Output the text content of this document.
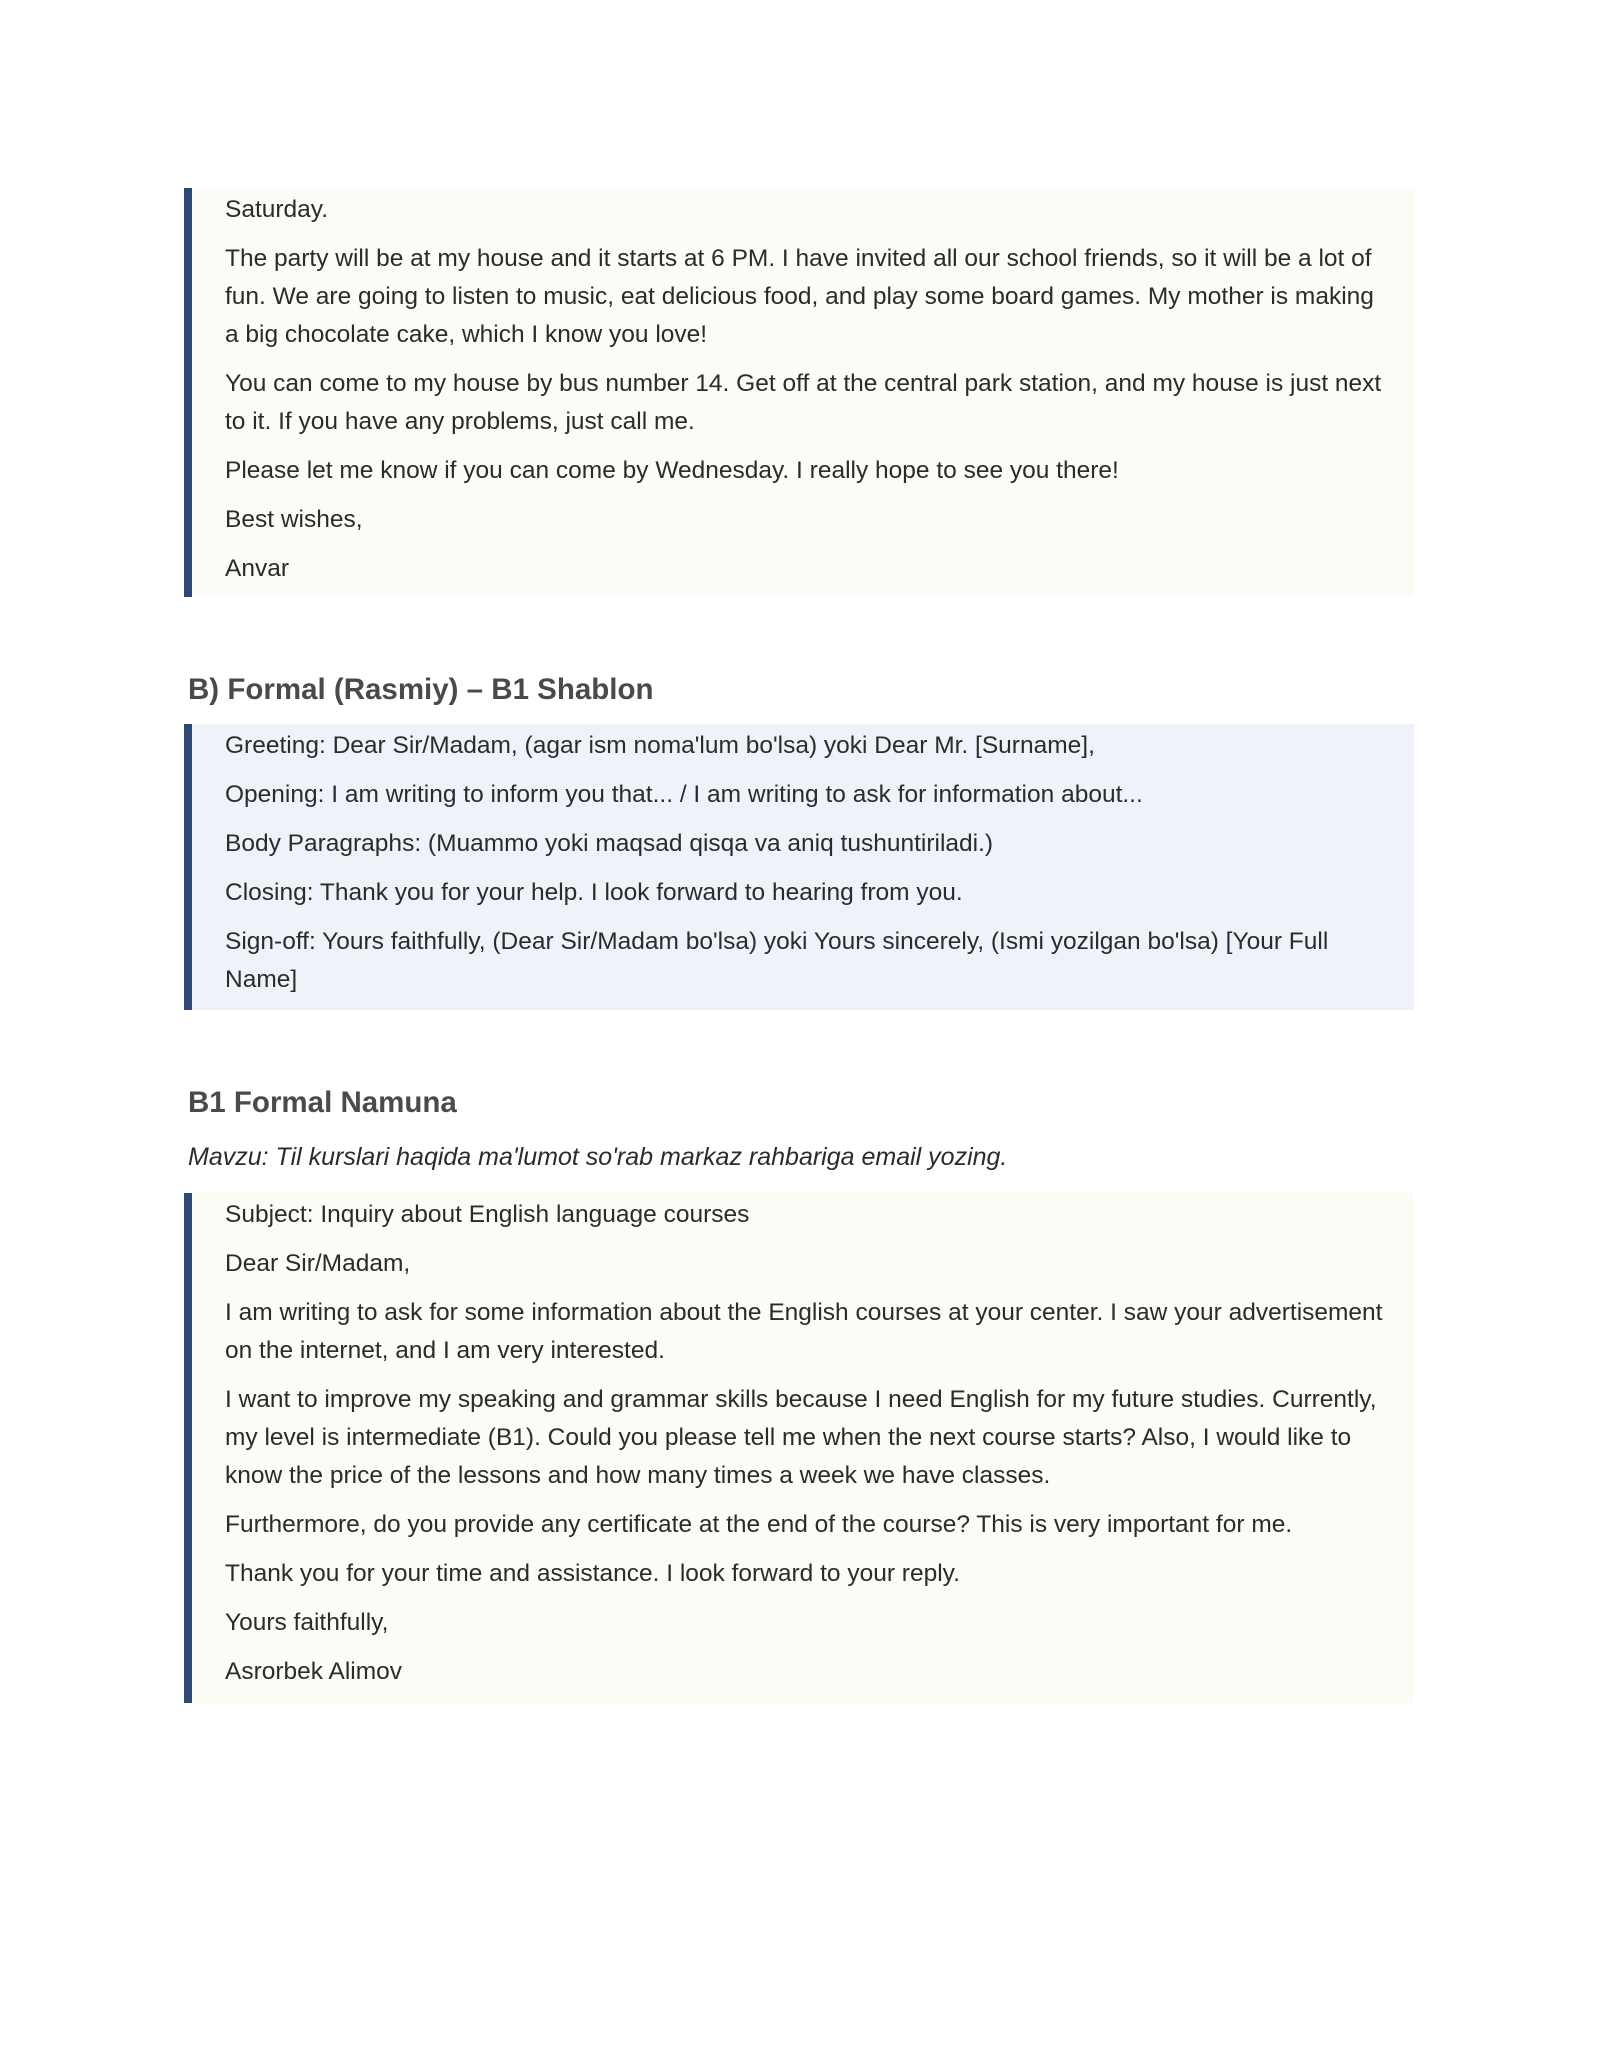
Saturday.

The party will be at my house and it starts at 6 PM. I have invited all our school friends, so it will be a lot of fun. We are going to listen to music, eat delicious food, and play some board games. My mother is making a big chocolate cake, which I know you love!

You can come to my house by bus number 14. Get off at the central park station, and my house is just next to it. If you have any problems, just call me.

Please let me know if you can come by Wednesday. I really hope to see you there!

Best wishes,

Anvar

B) Formal (Rasmiy) – B1 Shablon

Greeting: Dear Sir/Madam, (agar ism noma'lum bo'lsa) yoki Dear Mr. [Surname],

Opening: I am writing to inform you that... / I am writing to ask for information about...

Body Paragraphs: (Muammo yoki maqsad qisqa va aniq tushuntiriladi.)

Closing: Thank you for your help. I look forward to hearing from you.

Sign-off: Yours faithfully, (Dear Sir/Madam bo'lsa) yoki Yours sincerely, (Ismi yozilgan bo'lsa) [Your Full Name]

B1 Formal Namuna

Mavzu: Til kurslari haqida ma'lumot so'rab markaz rahbariga email yozing.

Subject: Inquiry about English language courses

Dear Sir/Madam,

I am writing to ask for some information about the English courses at your center. I saw your advertisement on the internet, and I am very interested.

I want to improve my speaking and grammar skills because I need English for my future studies. Currently, my level is intermediate (B1). Could you please tell me when the next course starts? Also, I would like to know the price of the lessons and how many times a week we have classes.

Furthermore, do you provide any certificate at the end of the course? This is very important for me.

Thank you for your time and assistance. I look forward to your reply.

Yours faithfully,

Asrorbek Alimov
